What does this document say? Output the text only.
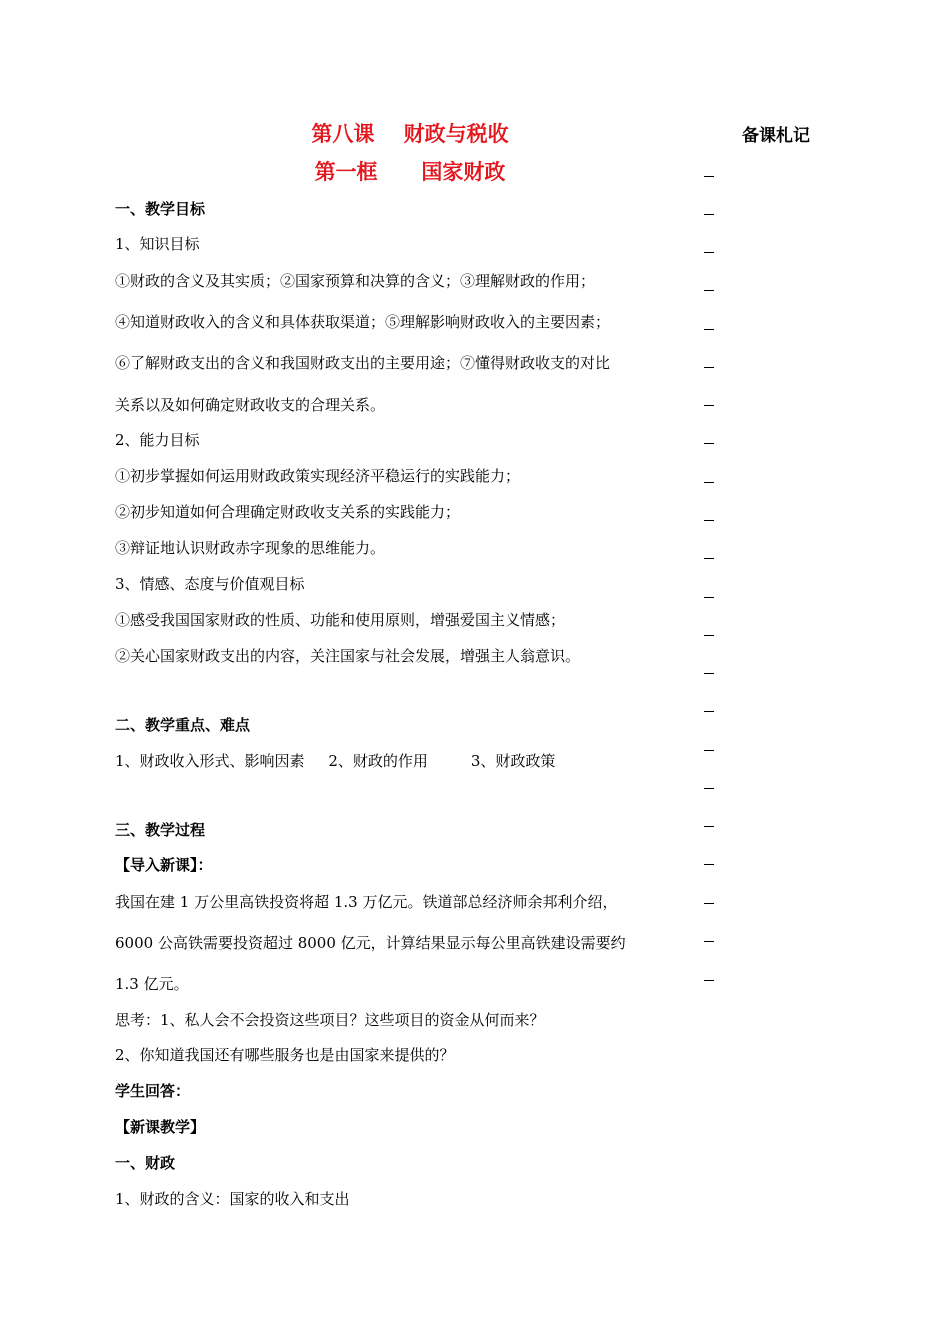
第八课    财政与税收
第一框      国家财政
备课札记
一、教学目标
1、知识目标
①财政的含义及其实质；②国家预算和决算的含义；③理解财政的作用；
④知道财政收入的含义和具体获取渠道；⑤理解影响财政收入的主要因素；
⑥了解财政支出的含义和我国财政支出的主要用途；⑦懂得财政收支的对比
关系以及如何确定财政收支的合理关系。
2、能力目标
①初步掌握如何运用财政政策实现经济平稳运行的实践能力；
②初步知道如何合理确定财政收支关系的实践能力；
③辩证地认识财政赤字现象的思维能力。
3、情感、态度与价值观目标
①感受我国国家财政的性质、功能和使用原则，增强爱国主义情感；
②关心国家财政支出的内容，关注国家与社会发展，增强主人翁意识。
二、教学重点、难点
1、财政收入形式、影响因素     2、财政的作用         3、财政政策
三、教学过程
【导入新课】：
我国在建 1 万公里高铁投资将超 1.3 万亿元。铁道部总经济师余邦利介绍，
6000 公高铁需要投资超过 8000 亿元，计算结果显示每公里高铁建设需要约
1.3 亿元。
思考：1、私人会不会投资这些项目？这些项目的资金从何而来？
2、你知道我国还有哪些服务也是由国家来提供的？
学生回答：
【新课教学】
一、财政
1、财政的含义：国家的收入和支出
